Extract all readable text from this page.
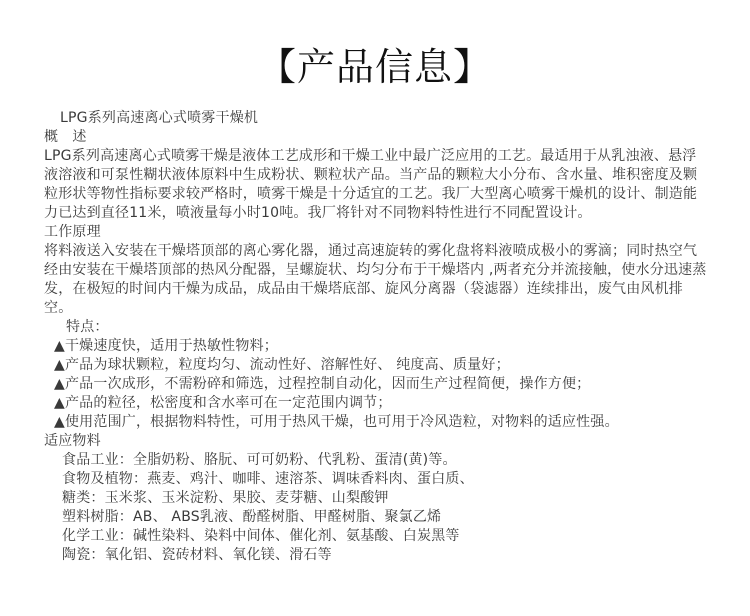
【产品信息】
LPG系列高速离心式喷雾干燥机
概　述

LPG系列高速离心式喷雾干燥是液体工艺成形和干燥工业中最广泛应用的工艺。最适用于从乳浊液、悬浮液溶液和可泵性糊状液体原料中生成粉状、颗粒状产品。当产品的颗粒大小分布、含水量、堆积密度及颗粒形状等物性指标要求较严格时，喷雾干燥是十分适宜的工艺。我厂大型离心喷雾干燥机的设计、制造能力已达到直径11米，喷液量每小时10吨。我厂将针对不同物料特性进行不同配置设计。

工作原理

将料液送入安装在干燥塔顶部的离心雾化器，通过高速旋转的雾化盘将料液喷成极小的雾滴；同时热空气经由安装在干燥塔顶部的热风分配器，呈螺旋状、均匀分布于干燥塔内 ,两者充分并流接触，使水分迅速蒸发，在极短的时间内干燥为成品，成品由干燥塔底部、旋风分离器（袋滤器）连续排出，废气由风机排空。

特点：
▲干燥速度快，适用于热敏性物料；
▲产品为球状颗粒，粒度均匀、流动性好、溶解性好、 纯度高、质量好；
▲产品一次成形，不需粉碎和筛选，过程控制自动化，因而生产过程简便，操作方便；
▲产品的粒径，松密度和含水率可在一定范围内调节；
▲使用范围广，根据物料特性，可用于热风干燥，也可用于冷风造粒，对物料的适应性强。
适应物料
食品工业：全脂奶粉、胳朊、可可奶粉、代乳粉、蛋清(黄)等。
食物及植物：燕麦、鸡汁、咖啡、速溶茶、调味香料肉、蛋白质、
糖类：玉米浆、玉米淀粉、果胶、麦芽糖、山梨酸钾
塑料树脂：AB、 ABS乳液、酚醛树脂、甲醛树脂、聚氯乙烯
化学工业：碱性染料、染料中间体、催化剂、氨基酸、白炭黑等
陶瓷：氧化铝、瓷砖材料、氧化镁、滑石等
